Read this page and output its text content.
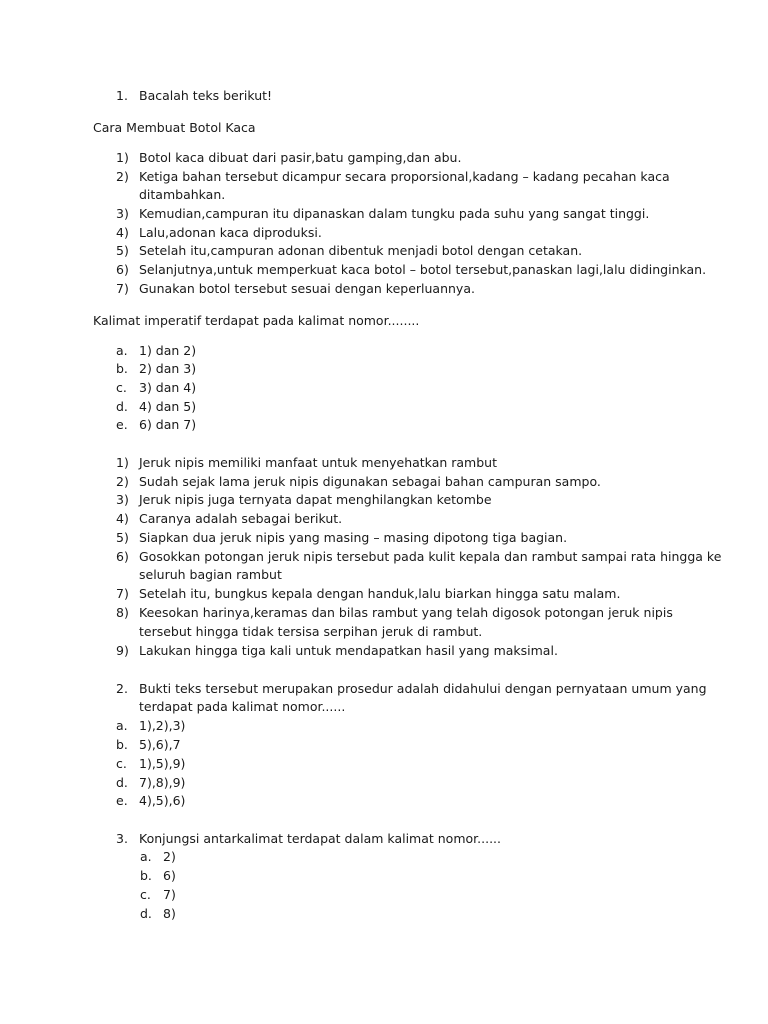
1. Bacalah teks berikut!
Cara Membuat Botol Kaca
1) Botol kaca dibuat dari pasir,batu gamping,dan abu.
2) Ketiga bahan tersebut dicampur secara proporsional,kadang – kadang pecahan kaca
ditambahkan.
3) Kemudian,campuran itu dipanaskan dalam tungku pada suhu yang sangat tinggi.
4) Lalu,adonan kaca diproduksi.
5) Setelah itu,campuran adonan dibentuk menjadi botol dengan cetakan.
6) Selanjutnya,untuk memperkuat kaca botol – botol tersebut,panaskan lagi,lalu didinginkan.
7) Gunakan botol tersebut sesuai dengan keperluannya.
Kalimat imperatif terdapat pada kalimat nomor........
a. 1) dan 2)
b. 2) dan 3)
c. 3) dan 4)
d. 4) dan 5)
e. 6) dan 7)
1) Jeruk nipis memiliki manfaat untuk menyehatkan rambut
2) Sudah sejak lama jeruk nipis digunakan sebagai bahan campuran sampo.
3) Jeruk nipis juga ternyata dapat menghilangkan ketombe
4) Caranya adalah sebagai berikut.
5) Siapkan dua jeruk nipis yang masing – masing dipotong tiga bagian.
6) Gosokkan potongan jeruk nipis tersebut pada kulit kepala dan rambut sampai rata hingga ke
seluruh bagian rambut
7) Setelah itu, bungkus kepala dengan handuk,lalu biarkan hingga satu malam.
8) Keesokan harinya,keramas dan bilas rambut yang telah digosok potongan jeruk nipis
tersebut hingga tidak tersisa serpihan jeruk di rambut.
9) Lakukan hingga tiga kali untuk mendapatkan hasil yang maksimal.
2. Bukti teks tersebut merupakan prosedur adalah didahului dengan pernyataan umum yang
terdapat pada kalimat nomor......
a. 1),2),3)
b. 5),6),7
c. 1),5),9)
d. 7),8),9)
e. 4),5),6)
3. Konjungsi antarkalimat terdapat dalam kalimat nomor......
a. 2)
b. 6)
c. 7)
d. 8)
